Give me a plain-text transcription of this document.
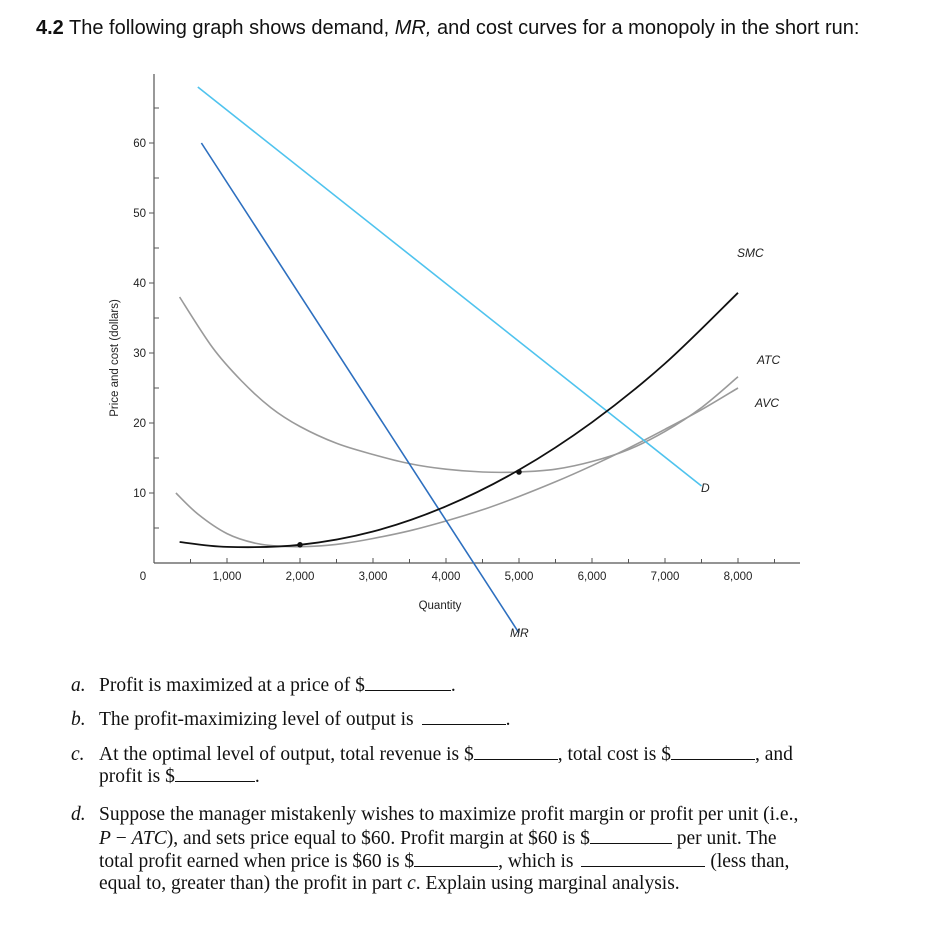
4.2 The following graph shows demand, MR, and cost curves for a monopoly in the short run:
10
20
30
40
50
60
1,000	2,000	3,000	4,000	5,000	6,000	7,000	8,000
Price and cost (dollars)
Quantity
0
SMC
ATC
AVC
D
MR
a. Profit is maximized at a price of $	.
b. The profit-maximizing level of output is	.
c. At the optimal level of output, total revenue is $	, total cost is $	, and
profit is $	.
d. Suppose the manager mistakenly wishes to maximize profit margin or profit per unit (i.e.,
P − ATC), and sets price equal to $60. Profit margin at $60 is $	per unit. The
total profit earned when price is $60 is $	, which is	(less than,
equal to, greater than) the profit in part c. Explain using marginal analysis.
